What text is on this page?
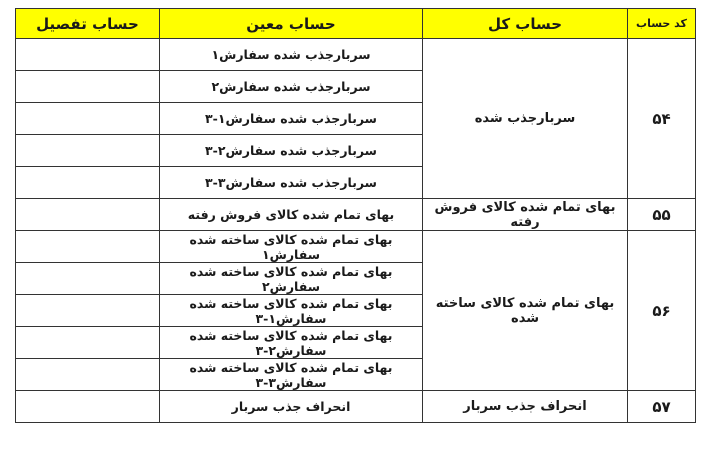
کد حساب	حساب کل	حساب معین	حساب تفصیل
۵۴	سربارجذب شده	سربارجذب شده سفارش۱	
		سربارجذب شده سفارش۲	
		سربارجذب شده سفارش۱-۳	
		سربارجذب شده سفارش۲-۳	
		سربارجذب شده سفارش۳-۳	
۵۵	بهای تمام شده کالای فروش رفته	بهای تمام شده کالای فروش رفته	
۵۶	بهای تمام شده کالای ساخته شده	بهای تمام شده کالای ساخته شده سفارش۱	
		بهای تمام شده کالای ساخته شده سفارش۲	
		بهای تمام شده کالای ساخته شده سفارش۱-۳	
		بهای تمام شده کالای ساخته شده سفارش۲-۳	
		بهای تمام شده کالای ساخته شده سفارش۳-۳	
۵۷	انحراف جذب سربار	انحراف جذب سربار	
